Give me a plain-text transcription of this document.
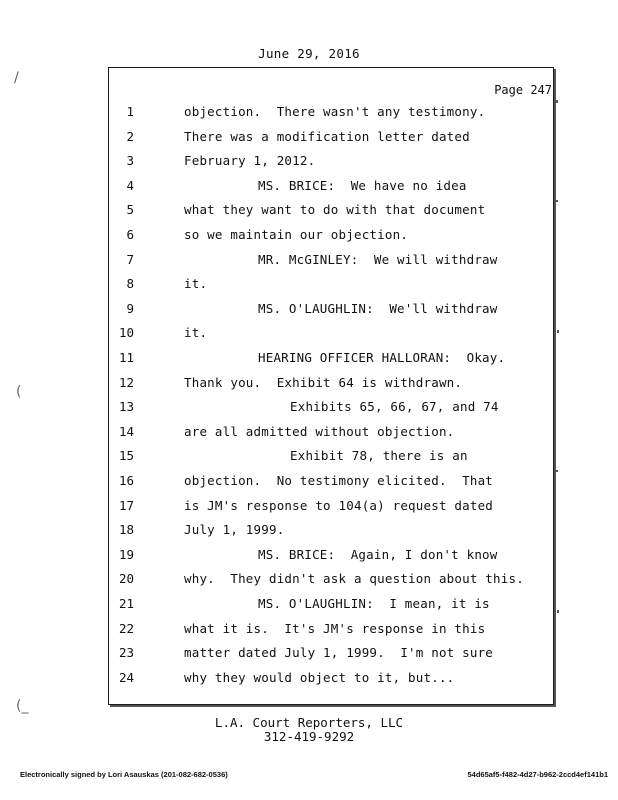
June 29, 2016
Page 247
1	objection.  There wasn't any testimony.
2	There was a modification letter dated
3	February 1, 2012.
4	MS. BRICE:  We have no idea
5	what they want to do with that document
6	so we maintain our objection.
7	MR. McGINLEY:  We will withdraw
8	it.
9	MS. O'LAUGHLIN:  We'll withdraw
10	it.
11	HEARING OFFICER HALLORAN:  Okay.
12	Thank you.  Exhibit 64 is withdrawn.
13	Exhibits 65, 66, 67, and 74
14	are all admitted without objection.
15	Exhibit 78, there is an
16	objection.  No testimony elicited.  That
17	is JM's response to 104(a) request dated
18	July 1, 1999.
19	MS. BRICE:  Again, I don't know
20	why.  They didn't ask a question about this.
21	MS. O'LAUGHLIN:  I mean, it is
22	what it is.  It's JM's response in this
23	matter dated July 1, 1999.  I'm not sure
24	why they would object to it, but...
L.A. Court Reporters, LLC
312-419-9292
Electronically signed by Lori Asauskas (201-082-682-0536)	54d65af5-f482-4d27-b962-2ccd4ef141b1
/
(
(_
